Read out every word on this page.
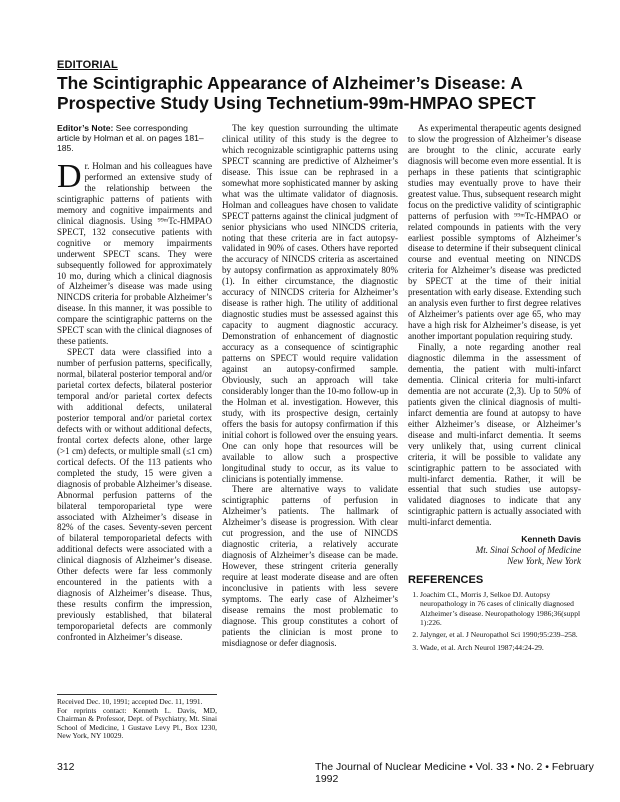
EDITORIAL
The Scintigraphic Appearance of Alzheimer’s Disease: A Prospective Study Using Technetium-99m-HMPAO SPECT

Editor’s Note: See corresponding article by Holman et al. on pages 181–185.

Dr. Holman and his colleagues have performed an extensive study of the relationship between the scintigraphic patterns of patients with memory and cognitive impairments and clinical diagnosis. Using ⁹⁹ᵐTc-HMPAO SPECT, 132 consecutive patients with cognitive or memory impairments underwent SPECT scans. They were subsequently followed for approximately 10 mo, during which a clinical diagnosis of Alzheimer’s disease was made using NINCDS criteria for probable Alzheimer’s disease. In this manner, it was possible to compare the scintigraphic patterns on the SPECT scan with the clinical diagnoses of these patients.

SPECT data were classified into a number of perfusion patterns, specifically, normal, bilateral posterior temporal and/or parietal cortex defects, bilateral posterior temporal and/or parietal cortex defects with additional defects, unilateral posterior temporal and/or parietal cortex defects with or without additional defects, frontal cortex defects alone, other large (>1 cm) defects, or multiple small (≤1 cm) cortical defects. Of the 113 patients who completed the study, 15 were given a diagnosis of probable Alzheimer’s disease. Abnormal perfusion patterns of the bilateral temporoparietal type were associated with Alzheimer’s disease in 82% of the cases. Seventy-seven percent of bilateral temporoparietal defects with additional defects were associated with a clinical diagnosis of Alzheimer’s disease. Other defects were far less commonly encountered in the patients with a diagnosis of Alzheimer’s disease. Thus, these results confirm the impression, previously established, that bilateral temporoparietal defects are commonly confronted in Alzheimer’s disease.

Received Dec. 10, 1991; accepted Dec. 11, 1991.

For reprints contact: Kenneth L. Davis, MD, Chairman & Professor, Dept. of Psychiatry, Mt. Sinai School of Medicine, 1 Gustave Levy Pl., Box 1230, New York, NY 10029.

The key question surrounding the ultimate clinical utility of this study is the degree to which recognizable scintigraphic patterns using SPECT scanning are predictive of Alzheimer’s disease. This issue can be rephrased in a somewhat more sophisticated manner by asking what was the ultimate validator of diagnosis. Holman and colleagues have chosen to validate SPECT patterns against the clinical judgment of senior physicians who used NINCDS criteria, noting that these criteria are in fact autopsy-validated in 90% of cases. Others have reported the accuracy of NINCDS criteria as ascertained by autopsy confirmation as approximately 80% (1). In either circumstance, the diagnostic accuracy of NINCDS criteria for Alzheimer’s disease is rather high. The utility of additional diagnostic studies must be assessed against this capacity to augment diagnostic accuracy. Demonstration of enhancement of diagnostic accuracy as a consequence of scintigraphic patterns on SPECT would require validation against an autopsy-confirmed sample. Obviously, such an approach will take considerably longer than the 10-mo follow-up in the Holman et al. investigation. However, this study, with its prospective design, certainly offers the basis for autopsy confirmation if this initial cohort is followed over the ensuing years. One can only hope that resources will be available to allow such a prospective longitudinal study to occur, as its value to clinicians is potentially immense.

There are alternative ways to validate scintigraphic patterns of perfusion in Alzheimer’s patients. The hallmark of Alzheimer’s disease is progression. With clear cut progression, and the use of NINCDS diagnostic criteria, a relatively accurate diagnosis of Alzheimer’s disease can be made. However, these stringent criteria generally require at least moderate disease and are often inconclusive in patients with less severe symptoms. The early case of Alzheimer’s disease remains the most problematic to diagnose. This group constitutes a cohort of patients the clinician is most prone to misdiagnose or defer diagnosis.

As experimental therapeutic agents designed to slow the progression of Alzheimer’s disease are brought to the clinic, accurate early diagnosis will become even more essential. It is perhaps in these patients that scintigraphic studies may eventually prove to have their greatest value. Thus, subsequent research might focus on the predictive validity of scintigraphic patterns of perfusion with ⁹⁹ᵐTc-HMPAO or related compounds in patients with the very earliest possible symptoms of Alzheimer’s disease to determine if their subsequent clinical course and eventual meeting on NINCDS criteria for Alzheimer’s disease was predicted by SPECT at the time of their initial presentation with early disease. Extending such an analysis even further to first degree relatives of Alzheimer’s patients over age 65, who may have a high risk for Alzheimer’s disease, is yet another important population requiring study.

Finally, a note regarding another real diagnostic dilemma in the assessment of dementia, the patient with multi-infarct dementia. Clinical criteria for multi-infarct dementia are not accurate (2,3). Up to 50% of patients given the clinical diagnosis of multi-infarct dementia are found at autopsy to have either Alzheimer’s disease, or Alzheimer’s disease and multi-infarct dementia. It seems very unlikely that, using current clinical criteria, it will be possible to validate any scintigraphic pattern to be associated with multi-infarct dementia. Rather, it will be essential that such studies use autopsy-validated diagnoses to indicate that any scintigraphic pattern is actually associated with multi-infarct dementia.

Kenneth Davis
Mt. Sinai School of Medicine
New York, New York
REFERENCES
1. Joachim CL, Morris J, Selkoe DJ. Autopsy neuropathology in 76 cases of clinically diagnosed Alzheimer’s disease. Neuropathology 1986;36(suppl 1):226.
2. Jalynger, et al. J Neuropathol Sci 1990;95:239–258.
3. Wade, et al. Arch Neurol 1987;44:24-29.
312	The Journal of Nuclear Medicine • Vol. 33 • No. 2 • February 1992
